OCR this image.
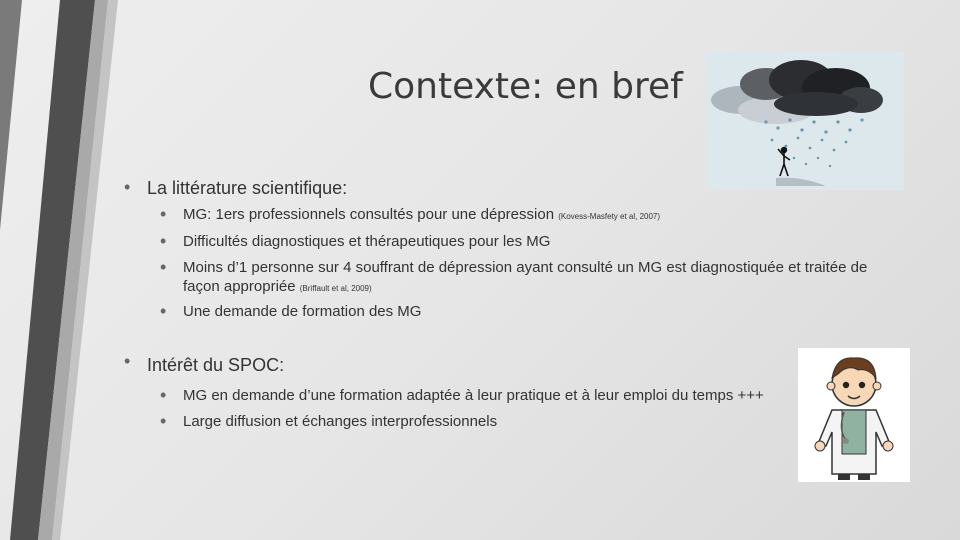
Contexte: en bref
• La littérature scientifique:
• MG: 1ers professionnels consultés pour une dépression (Kovess-Masfety et al, 2007)
• Difficultés diagnostiques et thérapeutiques pour les MG
• Moins d’1 personne sur 4 souffrant de dépression ayant consulté un MG est diagnostiquée et traitée de
façon appropriée (Briffault et al, 2009)
• Une demande de formation des MG
• Intérêt du SPOC:
• MG en demande d’une formation adaptée à leur pratique et à leur emploi du temps +++
• Large diffusion et échanges interprofessionnels
